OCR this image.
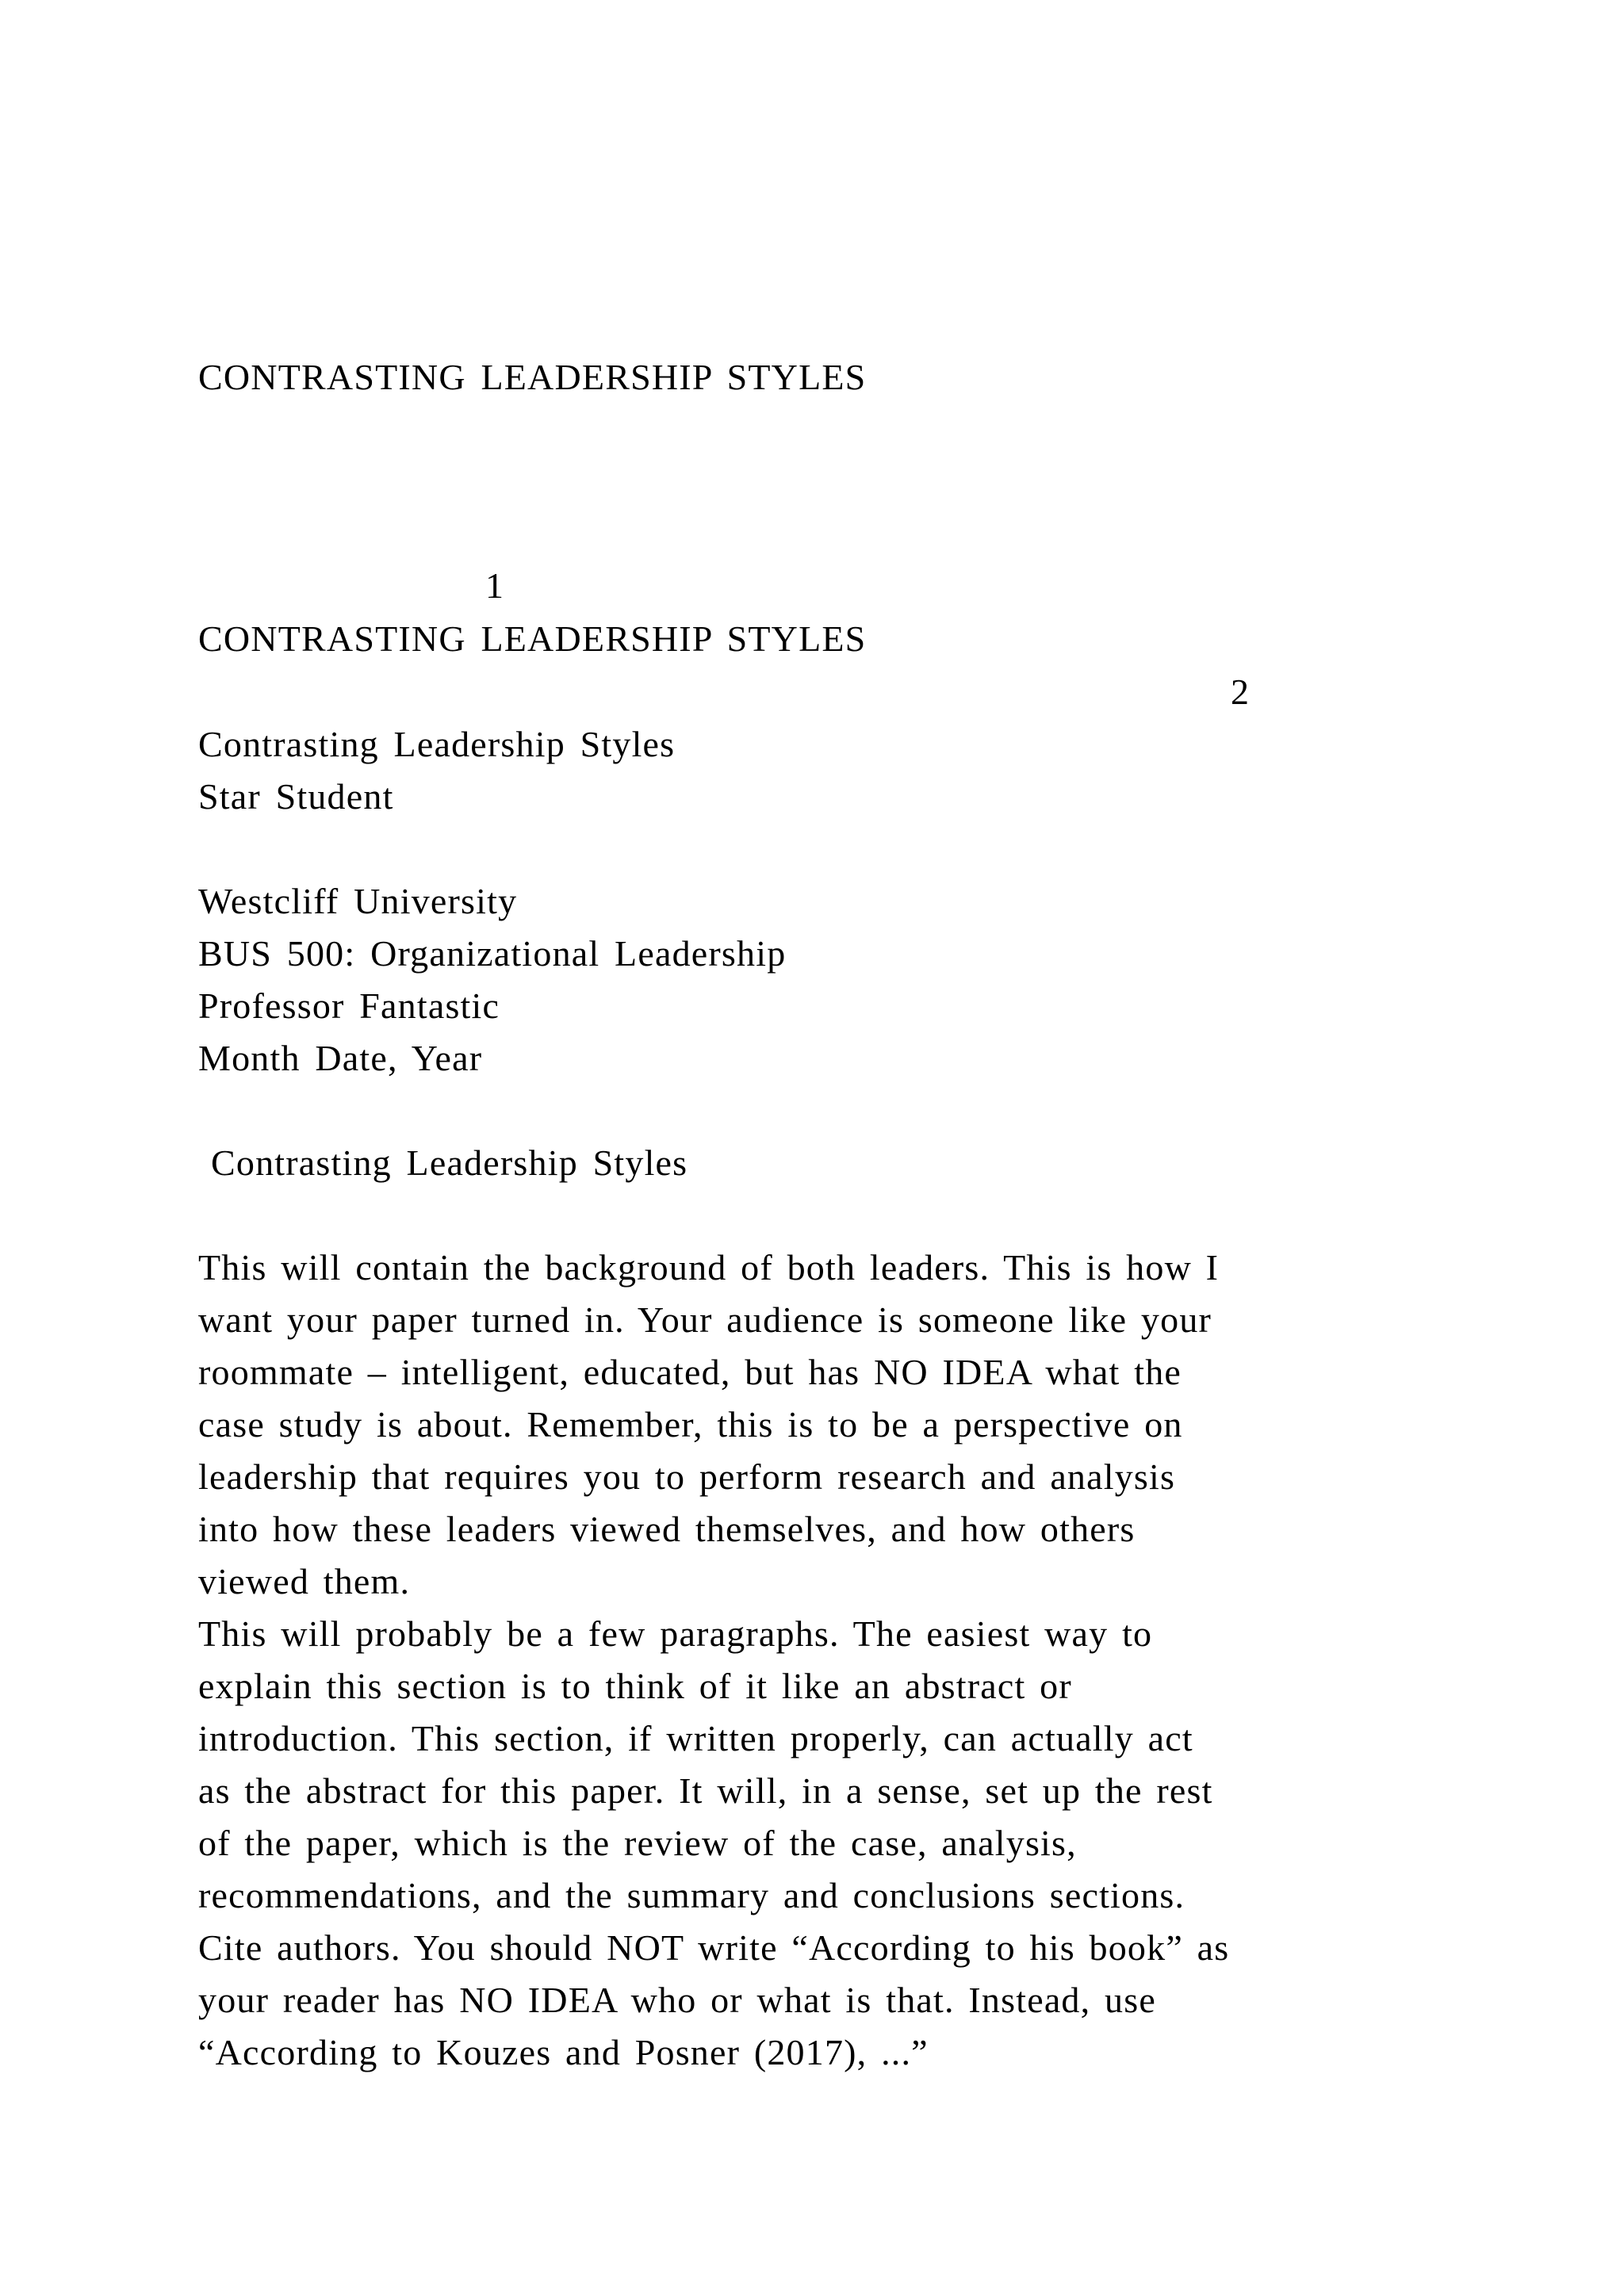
CONTRASTING LEADERSHIP STYLES
1
CONTRASTING LEADERSHIP STYLES
2
Contrasting Leadership Styles
Star Student
Westcliff University
BUS 500: Organizational Leadership
Professor Fantastic
Month Date, Year
Contrasting Leadership Styles
This will contain the background of both leaders. This is how I
want your paper turned in. Your audience is someone like your
roommate – intelligent, educated, but has NO IDEA what the
case study is about. Remember, this is to be a perspective on
leadership that requires you to perform research and analysis
into how these leaders viewed themselves, and how others
viewed them.
This will probably be a few paragraphs. The easiest way to
explain this section is to think of it like an abstract or
introduction. This section, if written properly, can actually act
as the abstract for this paper. It will, in a sense, set up the rest
of the paper, which is the review of the case, analysis,
recommendations, and the summary and conclusions sections.
Cite authors. You should NOT write “According to his book” as
your reader has NO IDEA who or what is that. Instead, use
“According to Kouzes and Posner (2017), ...”
